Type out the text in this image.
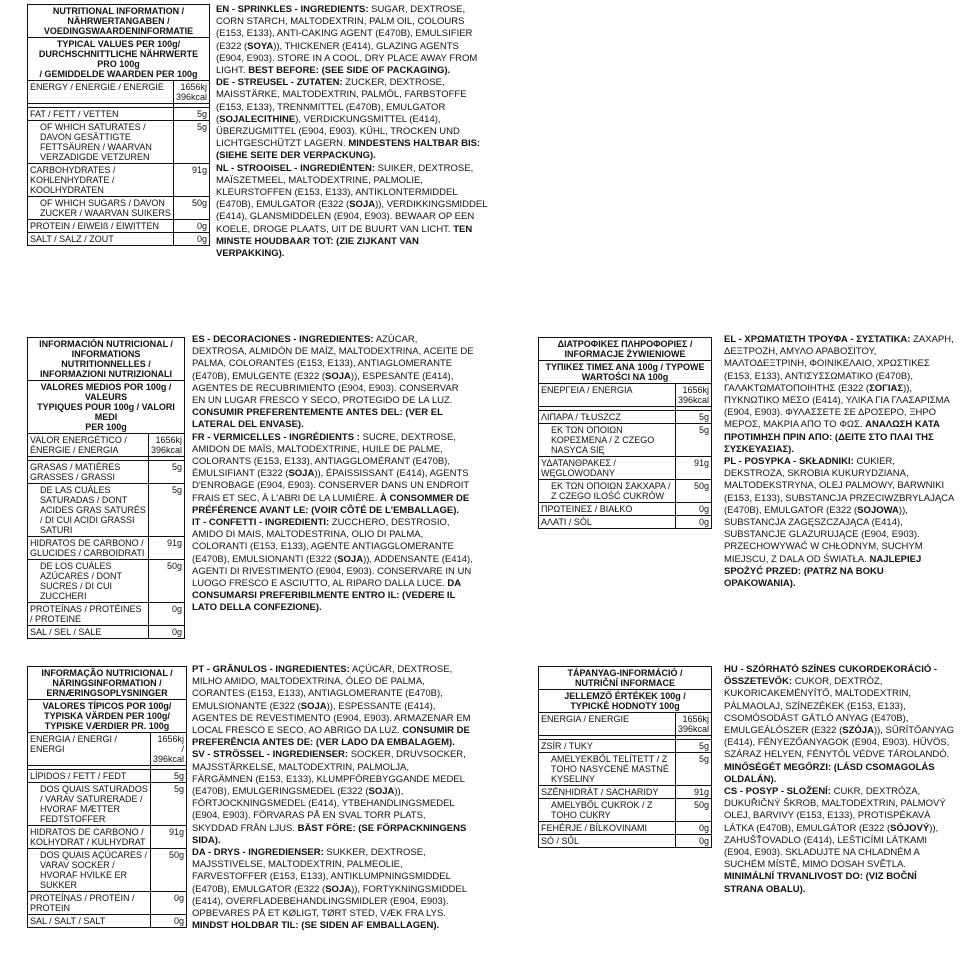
NUTRITIONAL INFORMATION /
NÄHRWERTANGABEN /
VOEDINGSWAARDENINFORMATIE	
TYPICAL VALUES PER 100g/
DURCHSCHNITTLICHE NÄHRWERTE PRO 100g
/ GEMIDDELDE WAARDEN PER 100g	
ENERGY / ENERGIE / ENERGIE	1656kj
396kcal

FAT / FETT / VETTEN	5g
OF WHICH SATURATES / DAVON GESÄTTIGTE FETTSÄUREN / WAARVAN VERZADIGDE VETZUREN	5g
CARBOHYDRATES / KOHLENHYDRATE / KOOLHYDRATEN	91g
OF WHICH SUGARS / DAVON ZUCKER / WAARVAN SUIKERS	50g
PROTEIN / EIWEIß / EIWITTEN	0g
SALT / SALZ / ZOUT	0g

EN - SPRINKLES - INGREDIENTS: SUGAR, DEXTROSE, CORN STARCH, MALTODEXTRIN, PALM OIL, COLOURS (E153, E133), ANTI-CAKING AGENT (E470B), EMULSIFIER (E322 (SOYA)), THICKENER (E414), GLAZING AGENTS (E904, E903). STORE IN A COOL, DRY PLACE AWAY FROM LIGHT. BEST BEFORE: (SEE SIDE OF PACKAGING).

DE - STREUSEL - ZUTATEN: ZUCKER, DEXTROSE, MAISSTÄRKE, MALTODEXTRIN, PALMÖL, FARBSTOFFE (E153, E133), TRENNMITTEL (E470B), EMULGATOR (SOJALECITHINE), VERDICKUNGSMITTEL (E414), ÜBERZUGMITTEL (E904, E903). KÜHL, TROCKEN UND LICHTGESCHÜTZT LAGERN. MINDESTENS HALTBAR BIS: (SIEHE SEITE DER VERPACKUNG).

NL - STROOISEL - INGREDIËNTEN: SUIKER, DEXTROSE, MAÏSZETMEEL, MALTODEXTRINE, PALMOLIE, KLEURSTOFFEN (E153, E133), ANTIKLONTERMIDDEL (E470B), EMULGATOR (E322 (SOJA)), VERDIKKINGSMIDDEL (E414), GLANSMIDDELEN (E904, E903). BEWAAR OP EEN KOELE, DROGE PLAATS, UIT DE BUURT VAN LICHT. TEN MINSTE HOUDBAAR TOT: (ZIE ZIJKANT VAN VERPAKKING).

INFORMACIÓN NUTRICIONAL /
INFORMATIONS NUTRITIONNELLES /
INFORMAZIONI NUTRIZIONALI	
VALORES MEDIOS POR 100g / VALEURS
TYPIQUES POUR 100g / VALORI MEDI
PER 100g	
VALOR ENERGÉTICO / ÉNERGIE / ENERGIA	1656kj
396kcal

GRASAS / MATIÈRES GRASSES / GRASSI	5g
DE LAS CUÁLES SATURADAS / DONT ACIDES GRAS SATURÉS / DI CUI ACIDI GRASSI SATURI	5g
HIDRATOS DE CARBONO / GLUCIDES / CARBOIDRATI	91g
DE LOS CUÁLES AZÚCARES / DONT SUCRES / DI CUI ZUCCHERI	50g
PROTEÍNAS / PROTÉINES / PROTEINE	0g
SAL / SEL / SALE	0g

ES - DECORACIONES - INGREDIENTES: AZÚCAR, DEXTROSA, ALMIDÓN DE MAÍZ, MALTODEXTRINA, ACEITE DE PALMA, COLORANTES (E153, E133), ANTIAGLOMERANTE (E470B), EMULGENTE (E322 (SOJA)), ESPESANTE (E414), AGENTES DE RECUBRIMIENTO (E904, E903). CONSERVAR EN UN LUGAR FRESCO Y SECO, PROTEGIDO DE LA LUZ. CONSUMIR PREFERENTEMENTE ANTES DEL: (VER EL LATERAL DEL ENVASE).

FR - VERMICELLES - INGRÉDIENTS : SUCRE, DEXTROSE, AMIDON DE MAÏS, MALTODEXTRINE, HUILE DE PALME, COLORANTS (E153, E133), ANTIAGGLOMÉRANT (E470B), ÉMULSIFIANT (E322 (SOJA)), ÉPAISSISSANT (E414), AGENTS D'ENROBAGE (E904, E903). CONSERVER DANS UN ENDROIT FRAIS ET SEC, À L'ABRI DE LA LUMIÈRE. À CONSOMMER DE PRÉFÉRENCE AVANT LE: (VOIR CÔTÉ DE L'EMBALLAGE).

IT - CONFETTI - INGREDIENTI: ZUCCHERO, DESTROSIO, AMIDO DI MAIS, MALTODESTRINA, OLIO DI PALMA, COLORANTI (E153, E133), AGENTE ANTIAGGLOMERANTE (E470B), EMULSIONANTI (E322 (SOJA)), ADDENSANTE (E414), AGENTI DI RIVESTIMENTO (E904, E903). CONSERVARE IN UN LUOGO FRESCO E ASCIUTTO, AL RIPARO DALLA LUCE. DA CONSUMARSI PREFERIBILMENTE ENTRO IL: (VEDERE IL LATO DELLA CONFEZIONE).

ΔΙΑΤΡΟΦΙΚΕΣ ΠΛΗΡΟΦΟΡΙΕΣ /
INFORMACJE ŻYWIENIOWE	
ΤΥΠΙΚΕΣ ΤΙΜΕΣ ΑΝΑ 100g / TYPOWE
WARTOŚCI NA 100g	
ΕΝΕΡΓΕΙΑ / ENERGIA	1656kj
396kcal

ΛΙΠΑΡΑ / TŁUSZCZ	5g
ΕΚ ΤΩΝ ΟΠΟΙΩΝ ΚΟΡΕΣΜΕΝΑ / Z CZEGO NASYCA SIĘ	5g
ΥΔΑΤΑΝΘΡΑΚΕΣ / WĘGLOWODANY	91g
ΕΚ ΤΩΝ ΟΠΟΙΩΝ ΣΑΚΧΑΡΑ / Z CZEGO ILOŚĆ CUKRÓW	50g
ΠΡΩΤΕΙΝΕΣ / BIAŁKO	0g
ΑΛΑΤΙ / SÓL	0g

EL - ΧΡΩΜΑΤΙΣΤΗ ΤΡΟΥΦΑ - ΣΥΣΤΑΤΙΚΑ: ΖΑΧΑΡΗ, ΔΕΞΤΡΟΖΗ, ΑΜΥΛΟ ΑΡΑΒΟΣΙΤΟΥ, ΜΑΛΤΟΔΕΞΤΡΙΝΗ, ΦΟΙΝΙΚΕΛΑΙΟ, ΧΡΩΣΤΙΚΕΣ (E153, E133), ΑΝΤΙΣΥΣΣΩΜΑΤΙΚΟ (E470B), ΓΑΛΑΚΤΩΜΑΤΟΠΟΙΗΤΗΣ (E322 (ΣΟΓΙΑΣ)), ΠΥΚΝΩΤΙΚΟ ΜΕΣΟ (E414), ΥΛΙΚΑ ΓΙΑ ΓΛΑΣΑΡΙΣΜΑ (E904, E903). ΦΥΛΑΣΣΕΤΕ ΣΕ ΔΡΟΣΕΡΟ, ΞΗΡΟ ΜΕΡΟΣ, ΜΑΚΡΙΑ ΑΠΟ ΤΟ ΦΩΣ. ΑΝΑΛΩΣΗ ΚΑΤΑ ΠΡΟΤΙΜΗΣΗ ΠΡΙΝ ΑΠΟ: (ΔΕΙΤΕ ΣΤΟ ΠΛΑΙ ΤΗΣ ΣΥΣΚΕΥΑΣΙΑΣ).

PL - POSYPKA - SKŁADNIKI: CUKIER, DEKSTROZA, SKROBIA KUKURYDZIANA, MALTODEKSTRYNA, OLEJ PALMOWY, BARWNIKI (E153, E133), SUBSTANCJA PRZECIWZBRYLAJĄCA (E470B), EMULGATOR (E322 (SOJOWA)), SUBSTANCJA ZAGĘSZCZAJĄCA (E414), SUBSTANCJE GLAZURUJĄCE (E904, E903). PRZECHOWYWAĆ W CHŁODNYM, SUCHYM MIEJSCU, Z DALA OD ŚWIATŁA. NAJLEPIEJ SPOŻYĆ PRZED: (PATRZ NA BOKU OPAKOWANIA).

INFORMAÇÃO NUTRICIONAL /
NÄRINGSINFORMATION /
ERNÆRINGSOPLYSNINGER	
VALORES TÍPICOS POR 100g/
TYPISKA VÄRDEN PER 100g/
TYPISKE VÆRDIER PR. 100g	
ENERGIA / ENERGI / ENERGI	1656kj / 396kcal

LÍPIDOS / FETT / FEDT	5g
DOS QUAIS SATURADOS / VARAV SATURERADE / HVORAF MÆTTER FEDTSTOFFER	5g
HIDRATOS DE CARBONO / KOLHYDRAT / KULHYDRAT	91g
DOS QUAIS AÇÚCARES / VARAV SOCKER / HVORAF HVILKE ER SUKKER	50g
PROTEÍNAS / PROTEIN / PROTEIN	0g
SAL / SALT / SALT	0g

PT - GRÂNULOS - INGREDIENTES: AÇÚCAR, DEXTROSE, MILHO AMIDO, MALTODEXTRINA, ÓLEO DE PALMA, CORANTES (E153, E133), ANTIAGLOMERANTE (E470B), EMULSIONANTE (E322 (SOJA)), ESPESSANTE (E414), AGENTES DE REVESTIMENTO (E904, E903). ARMAZENAR EM LOCAL FRESCO E SECO, AO ABRIGO DA LUZ. CONSUMIR DE PREFERÊNCIA ANTES DE: (VER LADO DA EMBALAGEM).

SV - STRÖSSEL - INGREDIENSER: SOCKER, DRUVSOCKER, MAJSSTÄRKELSE, MALTODEXTRIN, PALMOLJA, FÄRGÄMNEN (E153, E133), KLUMPFÖREBYGGANDE MEDEL (E470B), EMULGERINGSMEDEL (E322 (SOJA)), FÖRTJOCKNINGSMEDEL (E414), YTBEHANDLINGSMEDEL (E904, E903). FÖRVARAS PÅ EN SVAL TORR PLATS, SKYDDAD FRÅN LJUS. BÄST FÖRE: (SE FÖRPACKNINGENS SIDA).

DA - DRYS - INGREDIENSER: SUKKER, DEXTROSE, MAJSSTIVELSE, MALTODEXTRIN, PALMEOLIE, FARVESTOFFER (E153, E133), ANTIKLUMPNINGSMIDDEL (E470B), EMULGATOR (E322 (SOJA)), FORTYKNINGSMIDDEL (E414), OVERFLADEBEHANDLINGSMIDLER (E904, E903). OPBEVARES PÅ ET KØLIGT, TØRT STED, VÆK FRA LYS. MINDST HOLDBAR TIL: (SE SIDEN AF EMBALLAGEN).

TÁPANYAG-INFORMÁCIÓ /
NUTRIČNÍ INFORMACE	
JELLEMZŐ ÉRTÉKEK 100g /
TYPICKÉ HODNOTY 100g	
ENERGIA / ENERGIE	1656kj
396kcal

ZSÍR / TUKY	5g
AMELYEKBŐL TELÍTETT / Z TOHO NASYCENÉ MASTNÉ KYSELINY	5g
SZÉNHIDRÁT / SACHARIDY	91g
AMELYBŐL CUKROK / Z TOHO CUKRY	50g
FEHÉRJE / BÍLKOVINAMI	0g
SÓ / SŮL	0g

HU - SZÓRHATÓ SZÍNES CUKORDEKORÁCIÓ - ÖSSZETEVŐK: CUKOR, DEXTRÓZ, KUKORICAKEMÉNYÍTŐ, MALTODEXTRIN, PÁLMAOLAJ, SZÍNEZÉKEK (E153, E133), CSOMÓSODÁST GÁTLÓ ANYAG (E470B), EMULGEÁLÓSZER (E322 (SZÓJA)), SŰRÍTŐANYAG (E414), FÉNYEZŐANYAGOK (E904, E903). HŰVÖS, SZÁRAZ HELYEN, FÉNYTŐL VÉDVE TÁROLANDÓ. MINŐSÉGÉT MEGŐRZI: (LÁSD CSOMAGOLÁS OLDALÁN).

CS - POSYP - SLOŽENÍ: CUKR, DEXTRÓZA, DUKUŘIČNÝ ŠKROB, MALTODEXTRIN, PALMOVÝ OLEJ, BARVIVY (E153, E133), PROTISPÉKAVÁ LÁTKA (E470B), EMULGÁTOR (E322 (SÓJOVÝ)), ZAHUŠŤOVADLO (E414), LEŠTICÍMI LÁTKAMI (E904, E903). SKLADUJTE NA CHLADNÉM A SUCHÉM MÍSTĚ, MIMO DOSAH SVĚTLA. MINIMÁLNÍ TRVANLIVOST DO: (VIZ BOČNÍ STRANA OBALU).
